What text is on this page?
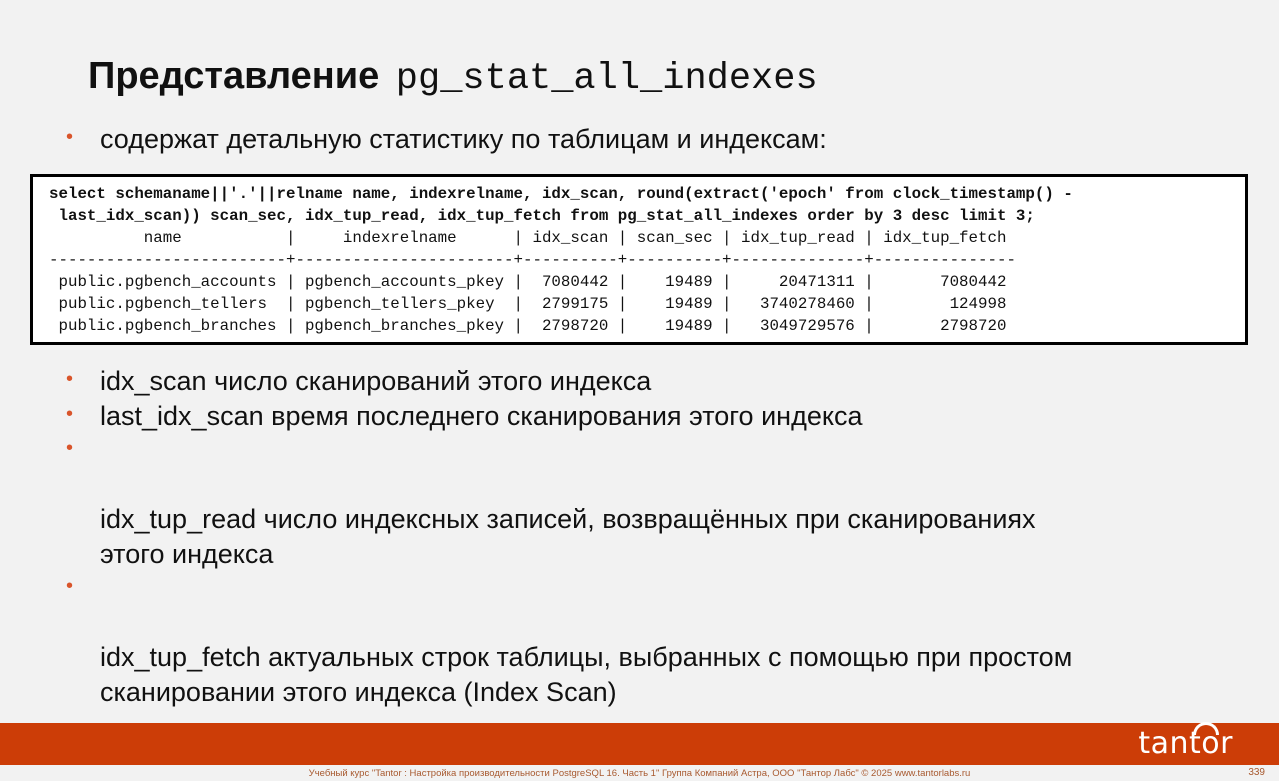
Представление pg_stat_all_indexes
• содержат детальную статистику по таблицам и индексам:
select schemaname||'.'||relname name, indexrelname, idx_scan, round(extract('epoch' from clock_timestamp() -
last_idx_scan)) scan_sec, idx_tup_read, idx_tup_fetch from pg_stat_all_indexes order by 3 desc limit 3;
name           |     indexrelname      | idx_scan | scan_sec | idx_tup_read | idx_tup_fetch
-------------------------+-----------------------+----------+----------+--------------+---------------
public.pgbench_accounts | pgbench_accounts_pkey |  7080442 |    19489 |     20471311 |       7080442
public.pgbench_tellers  | pgbench_tellers_pkey  |  2799175 |    19489 |   3740278460 |        124998
public.pgbench_branches | pgbench_branches_pkey |  2798720 |    19489 |   3049729576 |       2798720
• idx_scan число сканирований этого индекса
• last_idx_scan время последнего сканирования этого индекса

•

idx_tup_read число индексных записей, возвращённых при сканированиях
этого индекса

•

idx_tup_fetch актуальных строк таблицы, выбранных с помощью при простом
сканировании этого индекса (Index Scan)

tantor
Учебный курс "Tantor : Настройка производительности PostgreSQL 16. Часть 1" Группа Компаний Астра, ООО "Тантор Лабс" © 2025 www.tantorlabs.ru	339
